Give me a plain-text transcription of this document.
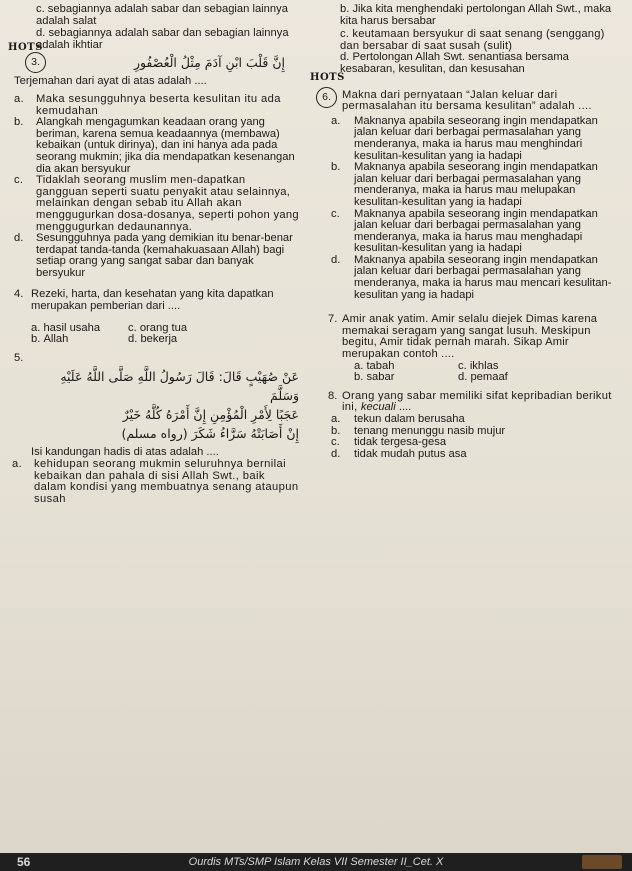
c. sebagiannya adalah sabar dan sebagian lainnya adalah salat
d. sebagiannya adalah sabar dan sebagian lainnya adalah ikhtiar
HOTS
3.	إِنَّ قَلْبَ ابْنِ آدَمَ مِثْلُ الْعُصْفُورِ
Terjemahan dari ayat di atas adalah ....
a. Maka sesungguhnya beserta kesulitan itu ada kemudahan
b. Alangkah mengagumkan keadaan orang yang beriman, karena semua keadaannya (membawa) kebaikan (untuk dirinya), dan ini hanya ada pada seorang mukmin; jika dia mendapatkan kesenangan dia akan bersyukur
c. Tidaklah seorang muslim men-dapatkan gangguan seperti suatu penyakit atau selainnya, melainkan dengan sebab itu Allah akan menggugurkan dosa-dosanya, seperti pohon yang menggugurkan dedaunannya.
d. Sesungguhnya pada yang demikian itu benar-benar terdapat tanda-tanda (kemahakuasaan Allah) bagi setiap orang yang sangat sabar dan banyak bersyukur
4. Rezeki, harta, dan kesehatan yang kita dapatkan merupakan pemberian dari ....
a. hasil usaha	c. orang tua
b. Allah	d. bekerja
5.
عَنْ صُهَيْبٍ قَالَ: قَالَ رَسُولُ اللَّهِ صَلَّى اللَّهُ عَلَيْهِ وَسَلَّمَ
عَجَبًا لِأَمْرِ الْمُؤْمِنِ إِنَّ أَمْرَهُ كُلَّهُ خَيْرٌ
إِنْ أَصَابَتْهُ سَرَّاءُ شَكَرَ (رواه مسلم)
Isi kandungan hadis di atas adalah ....
a. kehidupan seorang mukmin seluruhnya bernilai kebaikan dan pahala di sisi Allah Swt., baik dalam kondisi yang membuatnya senang ataupun susah
b. Jika kita menghendaki pertolongan Allah Swt., maka kita harus bersabar
c. keutamaan bersyukur di saat senang (senggang) dan bersabar di saat susah (sulit)
d. Pertolongan Allah Swt. senantiasa bersama kesabaran, kesulitan, dan kesusahan
HOTS
6. Makna dari pernyataan “Jalan keluar dari permasalahan itu bersama kesulitan” adalah ....
a. Maknanya apabila seseorang ingin mendapatkan jalan keluar dari berbagai permasalahan yang menderanya, maka ia harus mau menghindari kesulitan-kesulitan yang ia hadapi
b. Maknanya apabila seseorang ingin mendapatkan jalan keluar dari berbagai permasalahan yang menderanya, maka ia harus mau melupakan kesulitan-kesulitan yang ia hadapi
c. Maknanya apabila seseorang ingin mendapatkan jalan keluar dari berbagai permasalahan yang menderanya, maka ia harus mau menghadapi kesulitan-kesulitan yang ia hadapi
d. Maknanya apabila seseorang ingin mendapatkan jalan keluar dari berbagai permasalahan yang menderanya, maka ia harus mau mencari kesulitan-kesulitan yang ia hadapi
7. Amir anak yatim. Amir selalu diejek Dimas karena memakai seragam yang sangat lusuh. Meskipun begitu, Amir tidak pernah marah. Sikap Amir merupakan contoh ....
a. tabah	c. ikhlas
b. sabar	d. pemaaf
8. Orang yang sabar memiliki sifat kepribadian berikut ini, kecuali ....
a. tekun dalam berusaha
b. tenang menunggu nasib mujur
c. tidak tergesa-gesa
d. tidak mudah putus asa
56	Ourdis MTs/SMP Islam Kelas VII Semester II_Cet. X
